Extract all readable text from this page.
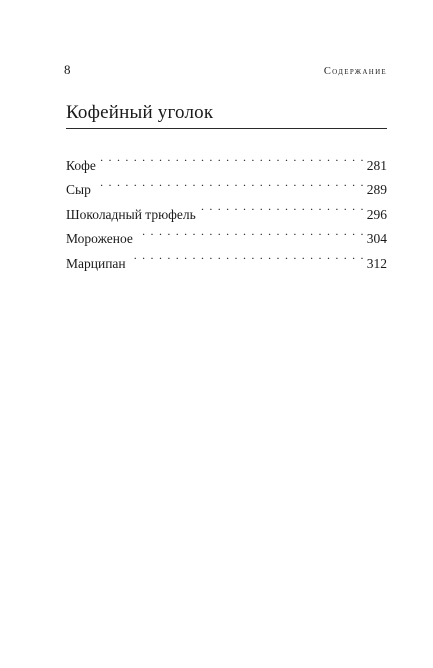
8	Содержание
Кофейный уголок
Кофе . . .	281
Сыр . . .	289
Шоколадный трюфель . . .	296
Мороженое . . .	304
Марципан . . .	312
